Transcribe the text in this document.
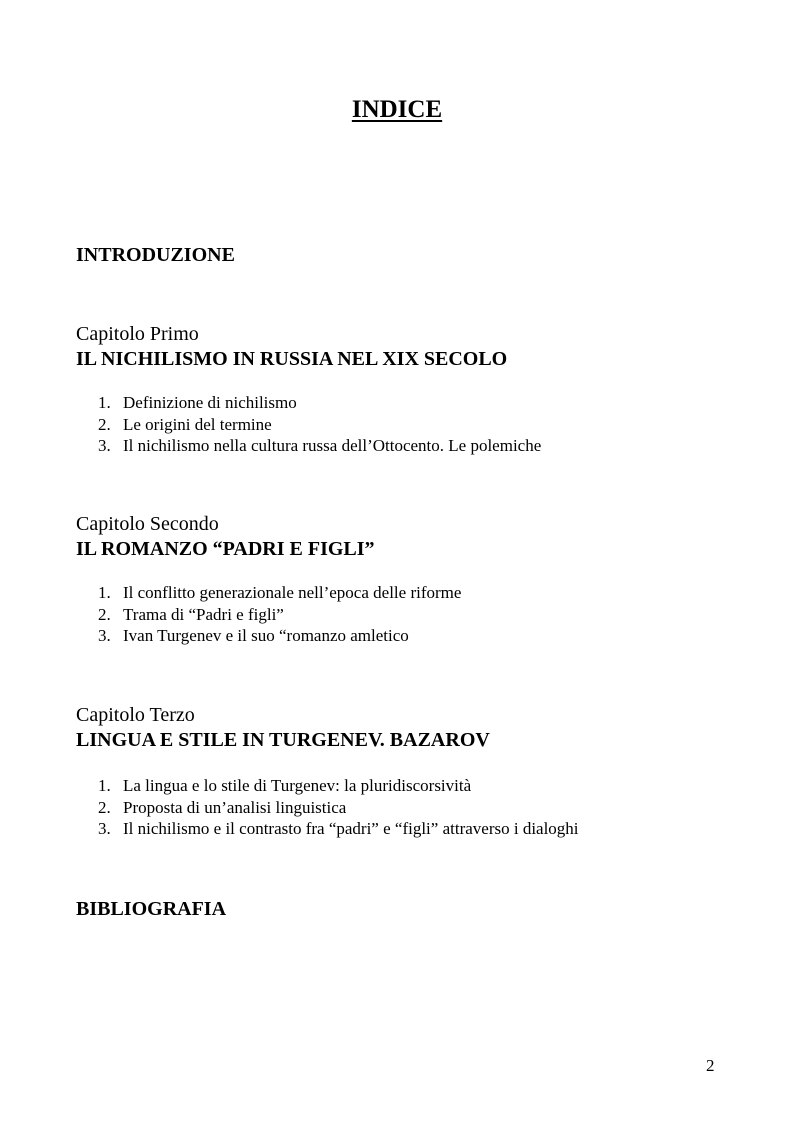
INDICE
INTRODUZIONE
Capitolo Primo
IL NICHILISMO IN RUSSIA NEL XIX SECOLO
1. Definizione di nichilismo
2. Le origini del termine
3. Il nichilismo nella cultura russa dell’Ottocento. Le polemiche
Capitolo Secondo
IL ROMANZO “PADRI E FIGLI”
1. Il conflitto generazionale nell’epoca delle riforme
2. Trama di “Padri e figli”
3. Ivan Turgenev e il suo “romanzo amletico
Capitolo Terzo
LINGUA E STILE IN TURGENEV. BAZAROV
1. La lingua e lo stile di Turgenev: la pluridiscorsività
2. Proposta di un’analisi linguistica
3. Il nichilismo e il contrasto fra “padri” e “figli” attraverso i dialoghi
BIBLIOGRAFIA
2
